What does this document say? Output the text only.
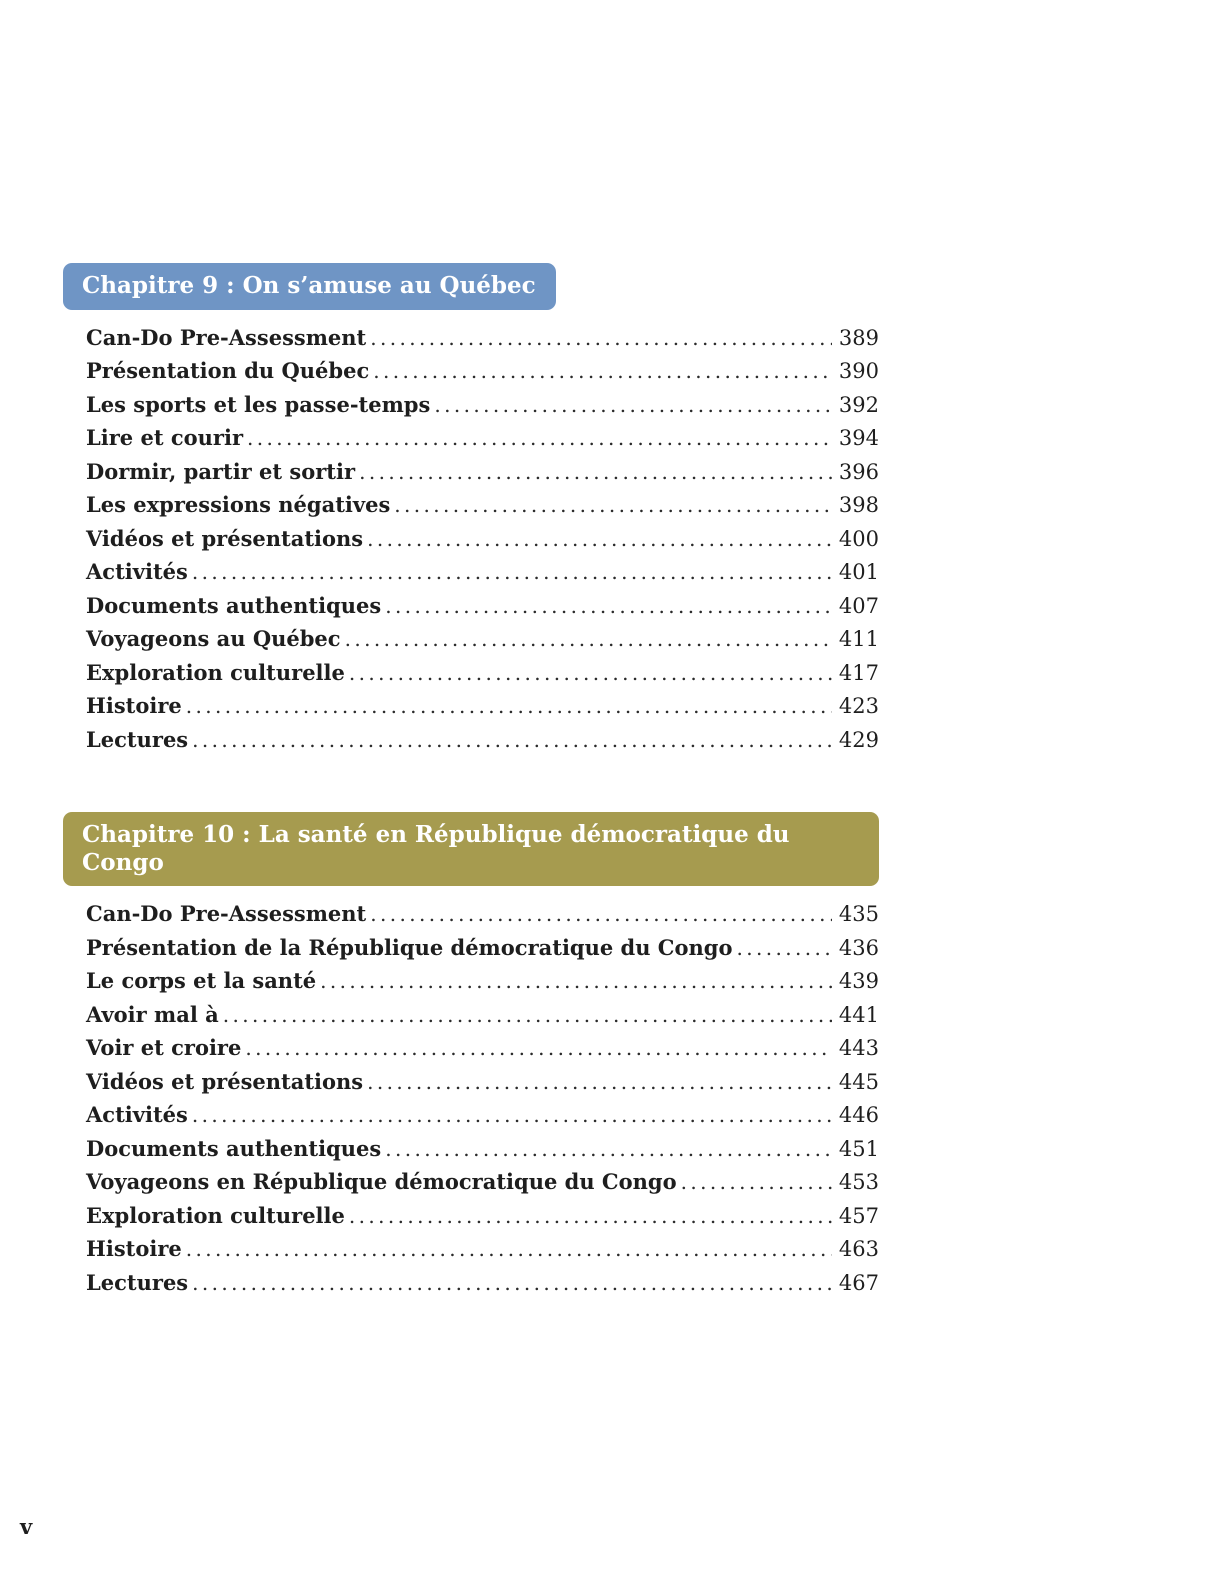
Chapitre 9 : On s’amuse au Québec
Can-Do Pre-Assessment .....	389
Présentation du Québec .....	390
Les sports et les passe-temps .....	392
Lire et courir .....	394
Dormir, partir et sortir .....	396
Les expressions négatives .....	398
Vidéos et présentations .....	400
Activités .....	401
Documents authentiques .....	407
Voyageons au Québec .....	411
Exploration culturelle .....	417
Histoire .....	423
Lectures .....	429
Chapitre 10 : La santé en République démocratique du Congo
Can-Do Pre-Assessment .....	435
Présentation de la République démocratique du Congo .....	436
Le corps et la santé .....	439
Avoir mal à .....	441
Voir et croire .....	443
Vidéos et présentations .....	445
Activités .....	446
Documents authentiques .....	451
Voyageons en République démocratique du Congo .....	453
Exploration culturelle .....	457
Histoire .....	463
Lectures .....	467
v
